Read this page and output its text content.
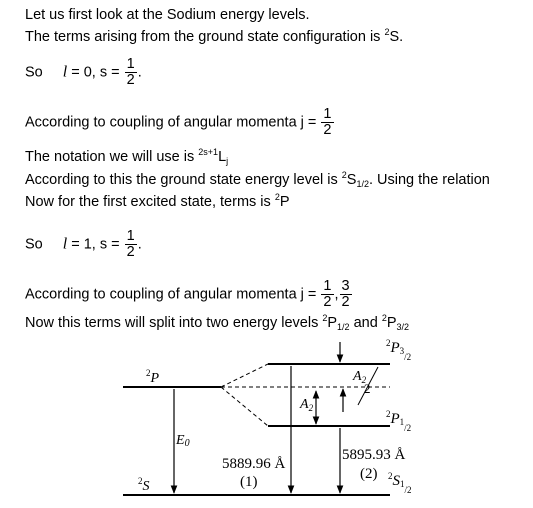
Let us first look at the Sodium energy levels.
The terms arising from the ground state configuration is $^2$S.
So l = 0, $s = \frac{1}{2}$ .
According to coupling of angular momenta $j = \frac{1}{2}$
The notation we will use is $^{2s+1}L_j$
According to this the ground state energy level is $^2S_{1/2}$. Using the relation
Now for the first excited state, terms is $^2$P
So l = 1, $s = \frac{1}{2}$ .
According to coupling of angular momenta $j = \frac{1}{2}$ , $\frac{3}{2}$
Now this terms will split into two energy levels $^2P_{1/2}$ and $^2P_{3/2}$
$^2$P
$^2$S
$^2P3_{/2}$
$^2P1_{/2}$
$^2S1_{/2}$
E0
$A_2$
2
$A_2$
5889.96 Å
(1)
5895.93 Å
(2)
